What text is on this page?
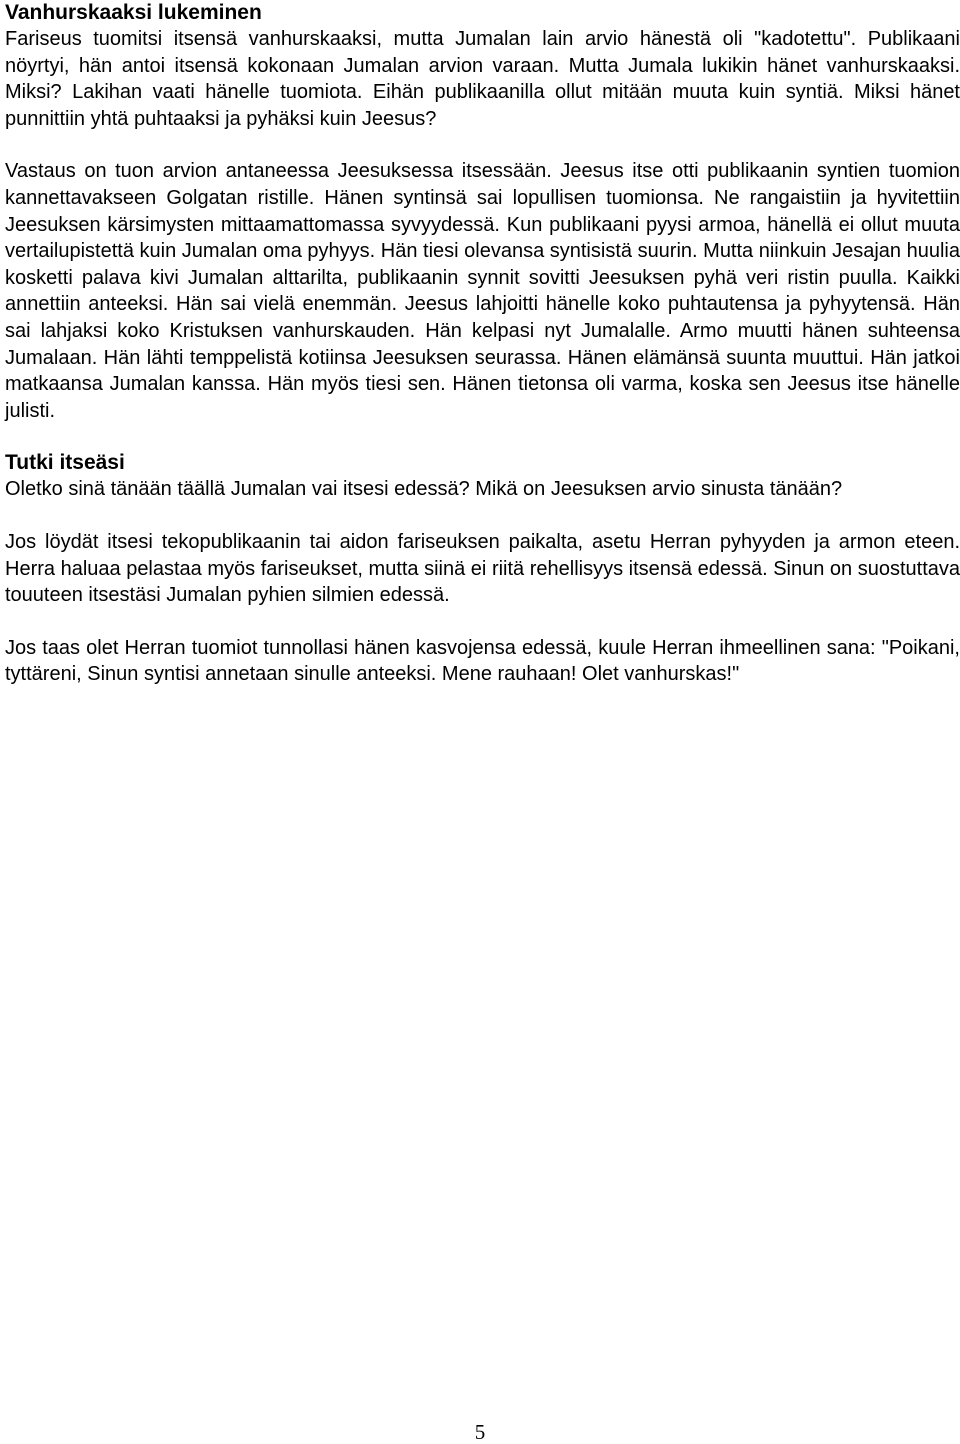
Vanhurskaaksi lukeminen

Fariseus tuomitsi itsensä vanhurskaaksi, mutta Jumalan lain arvio hänestä oli "kadotettu". Publikaani nöyrtyi, hän antoi itsensä kokonaan Jumalan arvion varaan. Mutta Jumala lukikin hänet vanhurskaaksi. Miksi? Lakihan vaati hänelle tuomiota. Eihän publikaanilla ollut mitään muuta kuin syntiä. Miksi hänet punnittiin yhtä puhtaaksi ja pyhäksi kuin Jeesus?

Vastaus on tuon arvion antaneessa Jeesuksessa itsessään. Jeesus itse otti publikaanin syntien tuomion kannettavakseen Golgatan ristille. Hänen syntinsä sai lopullisen tuomionsa. Ne rangaistiin ja hyvitettiin Jeesuksen kärsimysten mittaamattomassa syvyydessä. Kun publikaani pyysi armoa, hänellä ei ollut muuta vertailupistettä kuin Jumalan oma pyhyys. Hän tiesi olevansa syntisistä suurin. Mutta niinkuin Jesajan huulia kosketti palava kivi Jumalan alttarilta, publikaanin synnit sovitti Jeesuksen pyhä veri ristin puulla. Kaikki annettiin anteeksi. Hän sai vielä enemmän. Jeesus lahjoitti hänelle koko puhtautensa ja pyhyytensä. Hän sai lahjaksi koko Kristuksen vanhurskauden. Hän kelpasi nyt Jumalalle. Armo muutti hänen suhteensa Jumalaan. Hän lähti temppelistä kotiinsa Jeesuksen seurassa. Hänen elämänsä suunta muuttui. Hän jatkoi matkaansa Jumalan kanssa. Hän myös tiesi sen. Hänen tietonsa oli varma, koska sen Jeesus itse hänelle julisti.

Tutki itseäsi

Oletko sinä tänään täällä Jumalan vai itsesi edessä? Mikä on Jeesuksen arvio sinusta tänään?

Jos löydät itsesi tekopublikaanin tai aidon fariseuksen paikalta, asetu Herran pyhyyden ja armon eteen. Herra haluaa pelastaa myös fariseukset, mutta siinä ei riitä rehellisyys itsensä edessä. Sinun on suostuttava touuteen itsestäsi Jumalan pyhien silmien edessä.

Jos taas olet Herran tuomiot tunnollasi hänen kasvojensa edessä, kuule Herran ihmeellinen sana: "Poikani, tyttäreni, Sinun syntisi annetaan sinulle anteeksi. Mene rauhaan! Olet vanhurskas!"

5
